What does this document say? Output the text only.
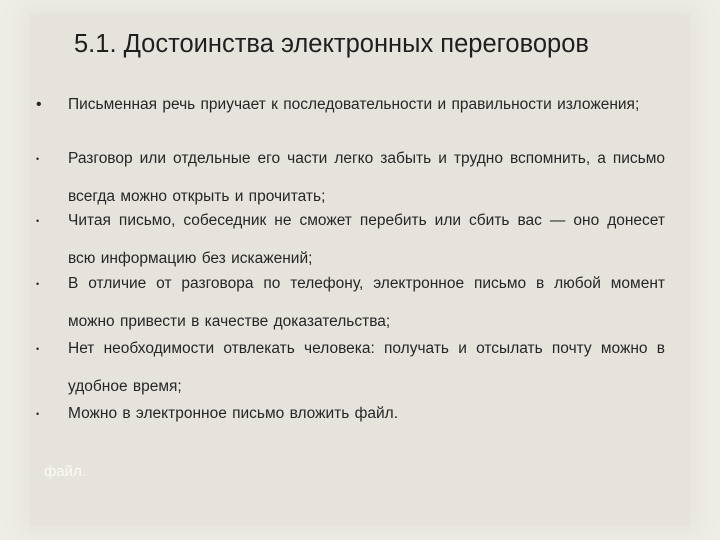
5.1. Достоинства электронных переговоров
• Письменная речь приучает к последовательности и правильности изложения;
• Разговор или отдельные его части легко забыть и трудно вспомнить, а письмо всегда можно открыть и прочитать;
• Читая письмо, собеседник не сможет перебить или сбить вас — оно донесет всю информацию без искажений;
• В отличие от разговора по телефону, электронное письмо в любой момент можно привести в качестве доказательства;
• Нет необходимости отвлекать человека: получать и отсылать почту можно в удобное время;
• Можно в электронное письмо вложить файл.
файл.
